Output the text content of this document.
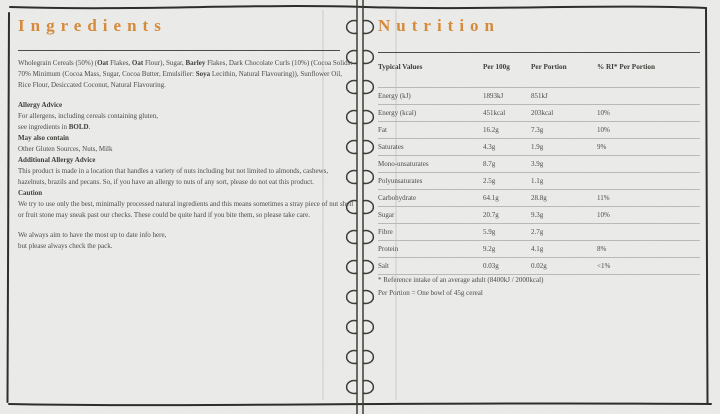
Ingredients

Wholegrain Cereals (50%) (Oat Flakes, Oat Flour), Sugar, Barley Flakes, Dark Chocolate Curls (10%) (Cocoa Solids: 70% Minimum (Cocoa Mass, Sugar, Cocoa Butter, Emulsifier: Soya Lecithin, Natural Flavouring)), Sunflower Oil, Rice Flour, Desiccated Coconut, Natural Flavouring.

Allergy Advice

For allergens, including cereals containing gluten,

see ingredients in BOLD.

May also contain

Other Gluten Sources, Nuts, Milk

Additional Allergy Advice

This product is made in a location that handles a variety of nuts including but not limited to almonds, cashews, hazelnuts, brazils and pecans. So, if you have an allergy to nuts of any sort, please do not eat this product.

Caution

We try to use only the best, minimally processed natural ingredients and this means sometimes a stray piece of nut shell or fruit stone may sneak past our checks. These could be quite hard if you bite them, so please take care.

We always aim to have the most up to date info here,

but please always check the pack.

Nutrition
Typical Values	Per 100g	Per Portion	% RI* Per Portion
Energy (kJ)	1893kJ	851kJ
Energy (kcal)	451kcal	203kcal	10%
Fat	16.2g	7.3g	10%
Saturates	4.3g	1.9g	9%
Mono-unsaturates	8.7g	3.9g
Polyunsaturates	2.5g	1.1g
Carbohydrate	64.1g	28.8g	11%
Sugar	20.7g	9.3g	10%
Fibre	5.9g	2.7g
Protein	9.2g	4.1g	8%
Salt	0.03g	0.02g	<1%
* Reference intake of an average adult (8400kJ / 2000kcal)
Per Portion = One bowl of 45g cereal
